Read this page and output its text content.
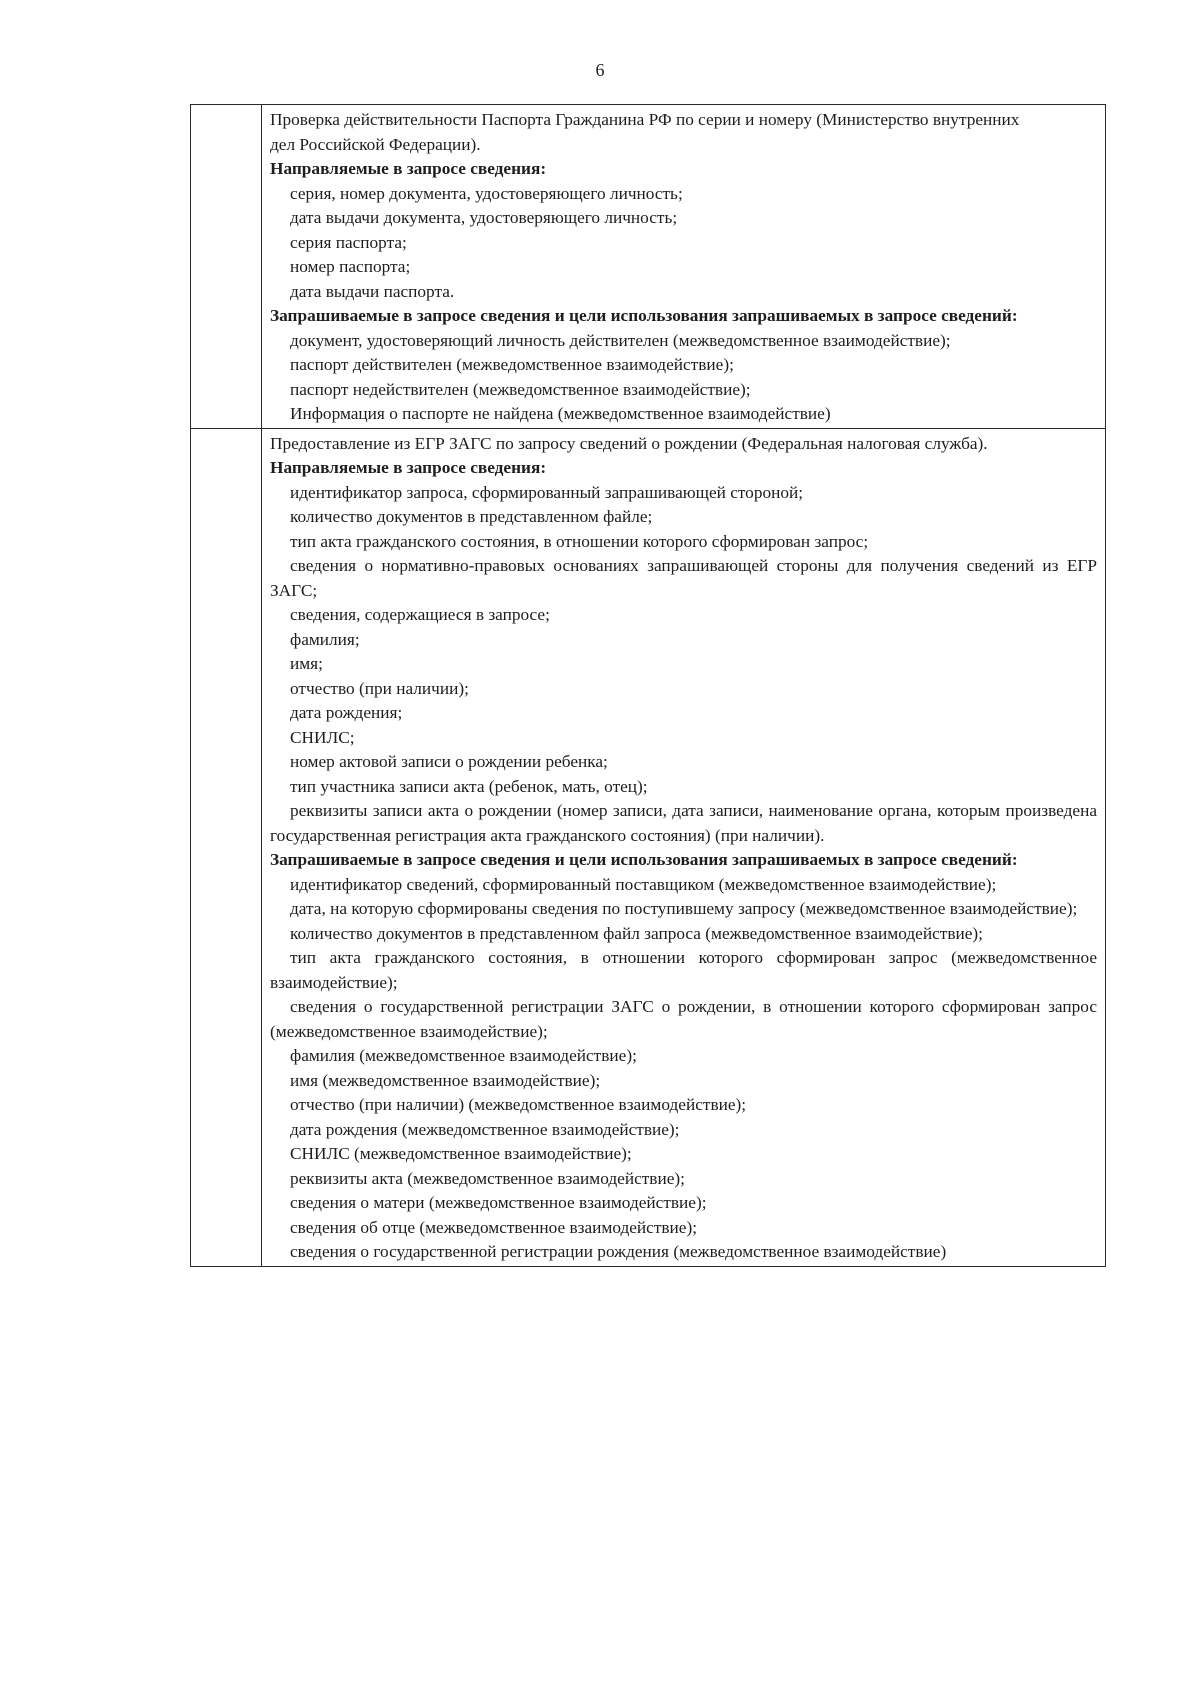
6

Проверка действительности Паспорта Гражданина РФ по серии и номеру (Министерство внутренних дел Российской Федерации).

Направляемые в запросе сведения:

серия, номер документа, удостоверяющего личность;

дата выдачи документа, удостоверяющего личность;

серия паспорта;

номер паспорта;

дата выдачи паспорта.

Запрашиваемые в запросе сведения и цели использования запрашиваемых в запросе сведений:

документ, удостоверяющий личность действителен (межведомственное взаимодействие);

паспорт действителен (межведомственное взаимодействие);

паспорт недействителен (межведомственное взаимодействие);

Информация о паспорте не найдена (межведомственное взаимодействие)

Предоставление из ЕГР ЗАГС по запросу сведений о рождении (Федеральная налоговая служба).

Направляемые в запросе сведения:

идентификатор запроса, сформированный запрашивающей стороной;

количество документов в представленном файле;

тип акта гражданского состояния, в отношении которого сформирован запрос;

сведения о нормативно-правовых основаниях запрашивающей стороны для получения сведений из ЕГР ЗАГС;

сведения, содержащиеся в запросе;

фамилия;

имя;

отчество (при наличии);

дата рождения;

СНИЛС;

номер актовой записи о рождении ребенка;

тип участника записи акта (ребенок, мать, отец);

реквизиты записи акта о рождении (номер записи, дата записи, наименование органа, которым произведена государственная регистрация акта гражданского состояния) (при наличии).

Запрашиваемые в запросе сведения и цели использования запрашиваемых в запросе сведений:

идентификатор сведений, сформированный поставщиком (межведомственное взаимодействие);

дата, на которую сформированы сведения по поступившему запросу (межведомственное взаимодействие);

количество документов в представленном файл запроса (межведомственное взаимодействие);

тип акта гражданского состояния, в отношении которого сформирован запрос (межведомственное взаимодействие);

сведения о государственной регистрации ЗАГС о рождении, в отношении которого сформирован запрос (межведомственное взаимодействие);

фамилия (межведомственное взаимодействие);

имя (межведомственное взаимодействие);

отчество (при наличии) (межведомственное взаимодействие);

дата рождения (межведомственное взаимодействие);

СНИЛС (межведомственное взаимодействие);

реквизиты акта (межведомственное взаимодействие);

сведения о матери (межведомственное взаимодействие);

сведения об отце (межведомственное взаимодействие);

сведения о государственной регистрации рождения (межведомственное взаимодействие)
